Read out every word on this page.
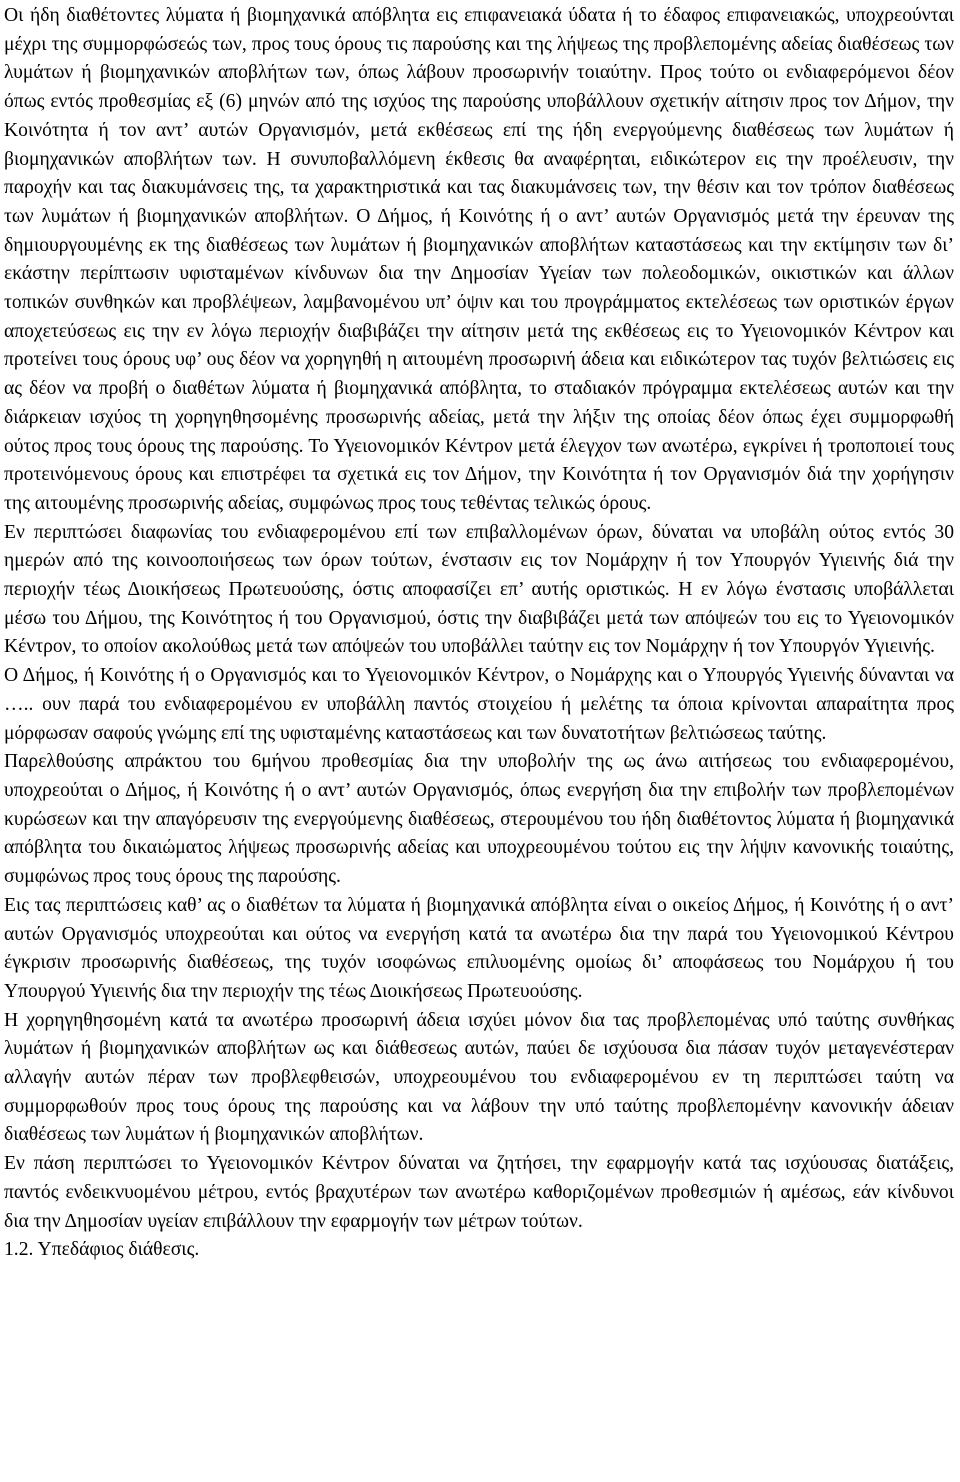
Οι ήδη διαθέτοντες λύματα ή βιομηχανικά απόβλητα εις επιφανειακά ύδατα ή το έδαφος επιφανειακώς, υποχρεούνται μέχρι της συμμορφώσεώς των, προς τους όρους τις παρούσης και της λήψεως της προβλεπομένης αδείας διαθέσεως των λυμάτων ή βιομηχανικών αποβλήτων των, όπως λάβουν προσωρινήν τοιαύτην. Προς τούτο οι ενδιαφερόμενοι δέον όπως εντός προθεσμίας εξ (6) μηνών από της ισχύος της παρούσης υποβάλλουν σχετικήν αίτησιν προς τον Δήμον, την Κοινότητα ή τον αντ’ αυτών Οργανισμόν, μετά εκθέσεως επί της ήδη ενεργούμενης διαθέσεως των λυμάτων ή βιομηχανικών αποβλήτων των. Η συνυποβαλλόμενη έκθεσις θα αναφέρηται, ειδικώτερον εις την προέλευσιν, την παροχήν και τας διακυμάνσεις της, τα χαρακτηριστικά και τας διακυμάνσεις των, την θέσιν και τον τρόπον διαθέσεως των λυμάτων ή βιομηχανικών αποβλήτων. Ο Δήμος, ή Κοινότης ή ο αντ’ αυτών Οργανισμός μετά την έρευναν της δημιουργουμένης εκ της διαθέσεως των λυμάτων ή βιομηχανικών αποβλήτων καταστάσεως και την εκτίμησιν των δι’ εκάστην περίπτωσιν υφισταμένων κίνδυνων δια την Δημοσίαν Υγείαν των πολεοδομικών, οικιστικών και άλλων τοπικών συνθηκών και προβλέψεων, λαμβανομένου υπ’ όψιν και του προγράμματος εκτελέσεως των οριστικών έργων αποχετεύσεως εις την εν λόγω περιοχήν διαβιβάζει την αίτησιν μετά της εκθέσεως εις το Υγειονομικόν Κέντρον και προτείνει τους όρους υφ’ ους δέον να χορηγηθή η αιτουμένη προσωρινή άδεια και ειδικώτερον τας τυχόν βελτιώσεις εις ας δέον να προβή ο διαθέτων λύματα ή βιομηχανικά απόβλητα, το σταδιακόν πρόγραμμα εκτελέσεως αυτών και την διάρκειαν ισχύος τη χορηγηθησομένης προσωρινής αδείας, μετά την λήξιν της οποίας δέον όπως έχει συμμορφωθή ούτος προς τους όρους της παρούσης. Το Υγειονομικόν Κέντρον μετά έλεγχον των ανωτέρω, εγκρίνει ή τροποποιεί τους προτεινόμενους όρους και επιστρέφει τα σχετικά εις τον Δήμον, την Κοινότητα ή τον Οργανισμόν διά την χορήγησιν της αιτουμένης προσωρινής αδείας, συμφώνως προς τους τεθέντας τελικώς όρους.

Εν περιπτώσει διαφωνίας του ενδιαφερομένου επί των επιβαλλομένων όρων, δύναται να υποβάλη ούτος εντός 30 ημερών από της κοινοοποιήσεως των όρων τούτων, ένστασιν εις τον Νομάρχην ή τον Υπουργόν Υγιεινής διά την περιοχήν τέως Διοικήσεως Πρωτευούσης, όστις αποφασίζει επ’ αυτής οριστικώς. Η εν λόγω ένστασις υποβάλλεται μέσω του Δήμου, της Κοινότητος ή του Οργανισμού, όστις την διαβιβάζει μετά των απόψεών του εις το Υγειονομικόν Κέντρον, το οποίον ακολούθως μετά των απόψεών του υποβάλλει ταύτην εις τον Νομάρχην ή τον Υπουργόν Υγιεινής.

Ο Δήμος, ή Κοινότης ή ο Οργανισμός και το Υγειονομικόν Κέντρον, ο Νομάρχης και ο Υπουργός Υγιεινής δύνανται να ….. ουν παρά του ενδιαφερομένου εν υποβάλλη παντός στοιχείου ή μελέτης τα όποια κρίνονται απαραίτητα προς μόρφωσαν σαφούς γνώμης επί της υφισταμένης καταστάσεως και των δυνατοτήτων βελτιώσεως ταύτης.

Παρελθούσης απράκτου του 6μήνου προθεσμίας δια την υποβολήν της ως άνω αιτήσεως του ενδιαφερομένου, υποχρεούται ο Δήμος, ή Κοινότης ή ο αντ’ αυτών Οργανισμός, όπως ενεργήση δια την επιβολήν των προβλεπομένων κυρώσεων και την απαγόρευσιν της ενεργούμενης διαθέσεως, στερουμένου του ήδη διαθέτοντος λύματα ή βιομηχανικά απόβλητα του δικαιώματος λήψεως προσωρινής αδείας και υποχρεουμένου τούτου εις την λήψιν κανονικής τοιαύτης, συμφώνως προς τους όρους της παρούσης.

Εις τας περιπτώσεις καθ’ ας ο διαθέτων τα λύματα ή βιομηχανικά απόβλητα είναι ο οικείος Δήμος, ή Κοινότης ή ο αντ’ αυτών Οργανισμός υποχρεούται και ούτος να ενεργήση κατά τα ανωτέρω δια την παρά του Υγειονομικού Κέντρου έγκρισιν προσωρινής διαθέσεως, της τυχόν ισοφώνως επιλυομένης ομοίως δι’ αποφάσεως του Νομάρχου ή του Υπουργού Υγιεινής δια την περιοχήν της τέως Διοικήσεως Πρωτευούσης.

Η χορηγηθησομένη κατά τα ανωτέρω προσωρινή άδεια ισχύει μόνον δια τας προβλεπομένας υπό ταύτης συνθήκας λυμάτων ή βιομηχανικών αποβλήτων ως και διάθεσεως αυτών, παύει δε ισχύουσα δια πάσαν τυχόν μεταγενέστεραν αλλαγήν αυτών πέραν των προβλεφθεισών, υποχρεουμένου του ενδιαφερομένου εν τη περιπτώσει ταύτη να συμμορφωθούν προς τους όρους της παρούσης και να λάβουν την υπό ταύτης προβλεπομένην κανονικήν άδειαν διαθέσεως των λυμάτων ή βιομηχανικών αποβλήτων.

Εν πάση περιπτώσει το Υγειονομικόν Κέντρον δύναται να ζητήσει, την εφαρμογήν κατά τας ισχύουσας διατάξεις, παντός ενδεικνυομένου μέτρου, εντός βραχυτέρων των ανωτέρω καθοριζομένων προθεσμιών ή αμέσως, εάν κίνδυνοι δια την Δημοσίαν υγείαν επιβάλλουν την εφαρμογήν των μέτρων τούτων.

1.2. Υπεδάφιος διάθεσις.
